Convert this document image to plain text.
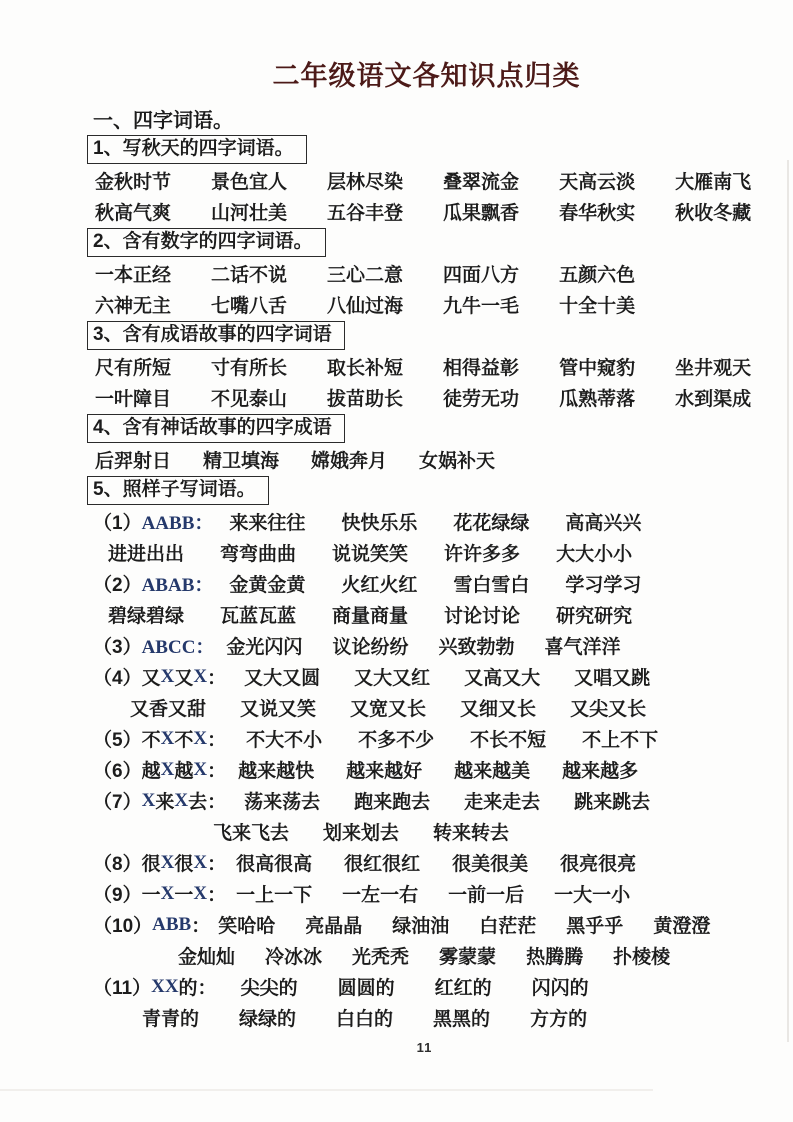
二年级语文各知识点归类
一、四字词语。
1、写秋天的四字词语。
金秋时节 景色宜人 层林尽染 叠翠流金 天高云淡 大雁南飞
秋高气爽 山河壮美 五谷丰登 瓜果飘香 春华秋实 秋收冬藏
2、含有数字的四字词语。
一本正经 二话不说 三心二意 四面八方 五颜六色
六神无主 七嘴八舌 八仙过海 九牛一毛 十全十美
3、含有成语故事的四字词语
尺有所短 寸有所长 取长补短 相得益彰 管中窥豹 坐井观天
一叶障目 不见泰山 拔苗助长 徒劳无功 瓜熟蒂落 水到渠成
4、含有神话故事的四字成语
后羿射日 精卫填海 嫦娥奔月 女娲补天
5、照样子写词语。
（1） AABB： 来来往往 快快乐乐 花花绿绿 高高兴兴
进进出出 弯弯曲曲 说说笑笑 许许多多 大大小小
（2） ABAB： 金黄金黄 火红火红 雪白雪白 学习学习
碧绿碧绿 瓦蓝瓦蓝 商量商量 讨论讨论 研究研究
（3） ABCC： 金光闪闪 议论纷纷 兴致勃勃 喜气洋洋
（4）又 X 又 X ： 又大又圆 又大又红 又高又大 又唱又跳
又香又甜 又说又笑 又宽又长 又细又长 又尖又长
（5）不 X 不 X ： 不大不小 不多不少 不长不短 不上不下
（6）越 X 越 X ： 越来越快 越来越好 越来越美 越来越多
（7） X 来 X 去： 荡来荡去 跑来跑去 走来走去 跳来跳去
飞来飞去 划来划去 转来转去
（8）很 X 很 X ： 很高很高 很红很红 很美很美 很亮很亮
（9）一 X 一 X ： 一上一下 一左一右 一前一后 一大一小
（10） ABB ： 笑哈哈 亮晶晶 绿油油 白茫茫 黑乎乎 黄澄澄
金灿灿 冷冰冰 光秃秃 雾蒙蒙 热腾腾 扑棱棱
（11） XX 的： 尖尖的 圆圆的 红红的 闪闪的
青青的 绿绿的 白白的 黑黑的 方方的
11
